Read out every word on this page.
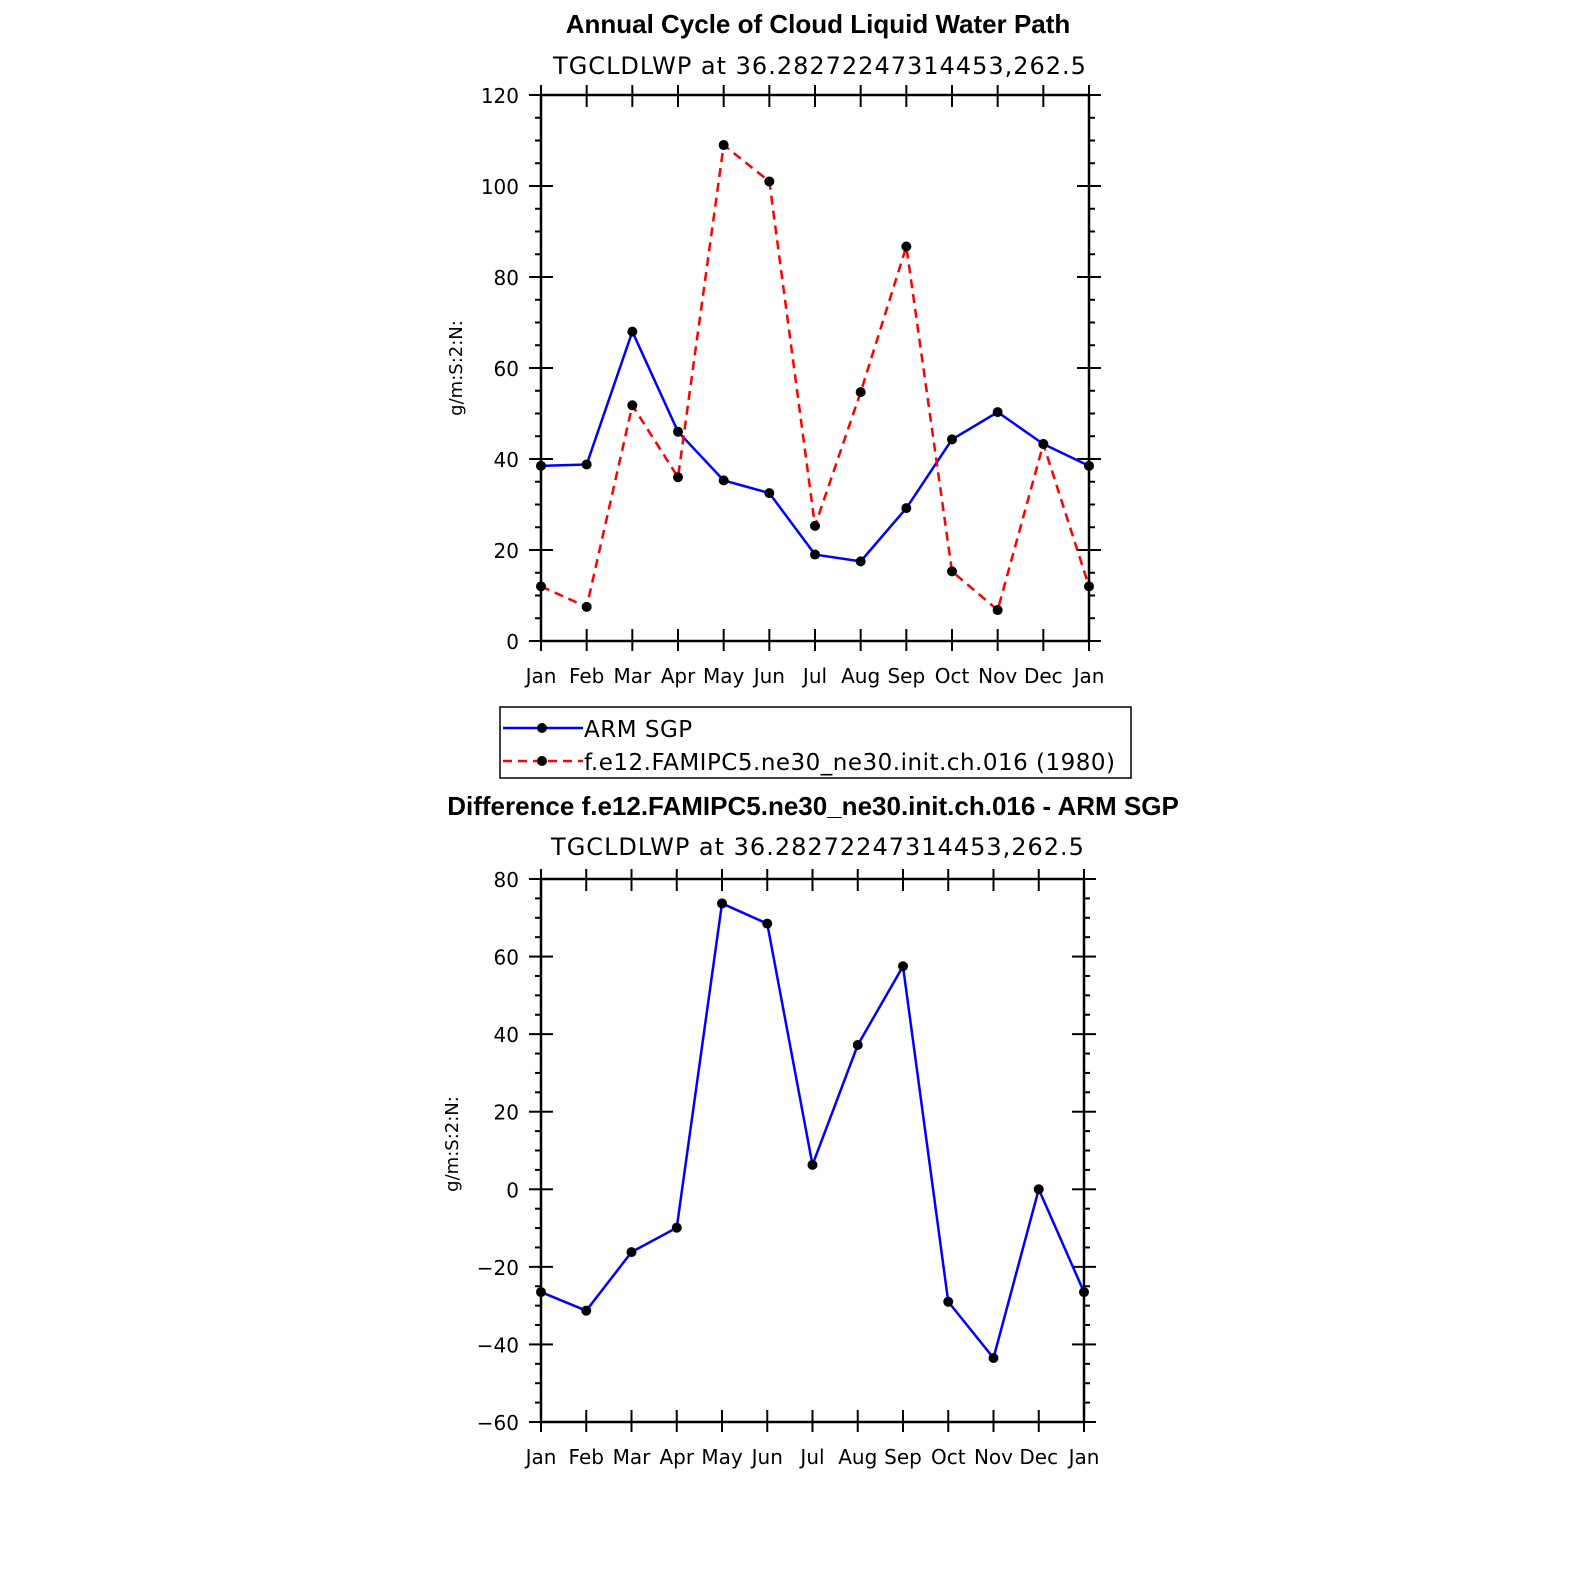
Annual Cycle of Cloud Liquid Water Path
TGCLDLWP at 36.28272247314453,262.5
g/m:S:2:N:
Jan Feb Mar Apr May Jun Jul Aug Sep Oct Nov Dec Jan
0
20
40
60
80
100
120
ARM SGP
f.e12.FAMIPC5.ne30_ne30.init.ch.016 (1980)
Difference f.e12.FAMIPC5.ne30_ne30.init.ch.016 - ARM SGP
TGCLDLWP at 36.28272247314453,262.5
g/m:S:2:N:
Jan Feb Mar Apr May Jun Jul Aug Sep Oct Nov Dec Jan
−60
−40
−20
0
20
40
60
80
